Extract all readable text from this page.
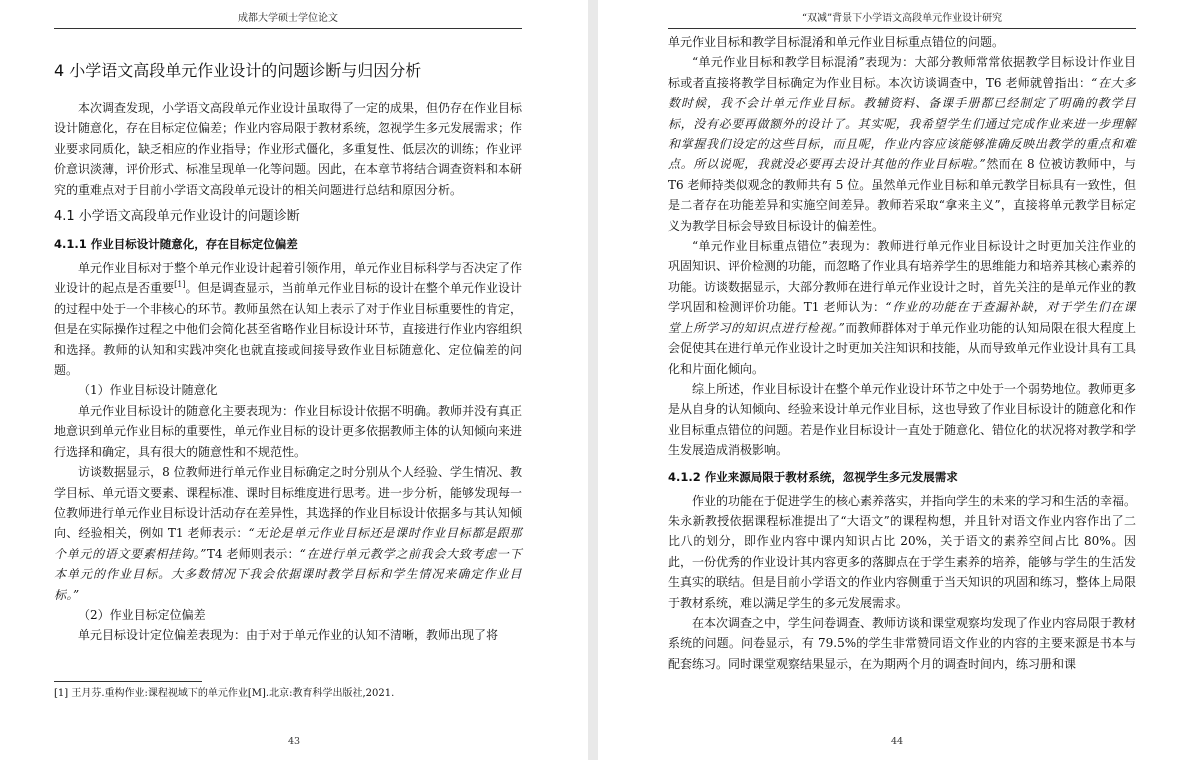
成都大学硕士学位论文
4 小学语文高段单元作业设计的问题诊断与归因分析

本次调查发现，小学语文高段单元作业设计虽取得了一定的成果，但仍存在作业目标设计随意化，存在目标定位偏差；作业内容局限于教材系统，忽视学生多元发展需求；作业要求同质化，缺乏相应的作业指导；作业形式僵化，多重复性、低层次的训练；作业评价意识淡薄，评价形式、标准呈现单一化等问题。因此，在本章节将结合调查资料和本研究的重难点对于目前小学语文高段单元设计的相关问题进行总结和原因分析。

4.1 小学语文高段单元作业设计的问题诊断
4.1.1 作业目标设计随意化，存在目标定位偏差

单元作业目标对于整个单元作业设计起着引领作用，单元作业目标科学与否决定了作业设计的起点是否重要[1]。但是调查显示，当前单元作业目标的设计在整个单元作业设计的过程中处于一个非核心的环节。教师虽然在认知上表示了对于作业目标重要性的肯定，但是在实际操作过程之中他们会简化甚至省略作业目标设计环节，直接进行作业内容组织和选择。教师的认知和实践冲突化也就直接或间接导致作业目标随意化、定位偏差的问题。

（1）作业目标设计随意化

单元作业目标设计的随意化主要表现为：作业目标设计依据不明确。教师并没有真正地意识到单元作业目标的重要性，单元作业目标的设计更多依据教师主体的认知倾向来进行选择和确定，具有很大的随意性和不规范性。

访谈数据显示，8 位教师进行单元作业目标确定之时分别从个人经验、学生情况、教学目标、单元语文要素、课程标准、课时目标维度进行思考。进一步分析，能够发现每一位教师进行单元作业目标设计活动存在差异性，其选择的作业目标设计依据多与其认知倾向、经验相关，例如 T1 老师表示：“无论是单元作业目标还是课时作业目标都是跟那个单元的语文要素相挂钩。”T4 老师则表示：“在进行单元教学之前我会大致考虑一下本单元的作业目标。大多数情况下我会依据课时教学目标和学生情况来确定作业目标。”

（2）作业目标定位偏差

单元目标设计定位偏差表现为：由于对于单元作业的认知不清晰，教师出现了将

[1] 王月芬.重构作业:课程视域下的单元作业[M].北京:教育科学出版社,2021.
43
“双减”背景下小学语文高段单元作业设计研究

单元作业目标和教学目标混淆和单元作业目标重点错位的问题。

“单元作业目标和教学目标混淆”表现为：大部分教师常常依据教学目标设计作业目标或者直接将教学目标确定为作业目标。本次访谈调查中，T6 老师就曾指出：“在大多数时候，我不会计单元作业目标。教辅资料、备课手册都已经制定了明确的教学目标，没有必要再做额外的设计了。其实呢，我希望学生们通过完成作业来进一步理解和掌握我们设定的这些目标，而且呢，作业内容应该能够准确反映出教学的重点和难点。所以说呢，我就没必要再去设计其他的作业目标啦。”然而在 8 位被访教师中，与 T6 老师持类似观念的教师共有 5 位。虽然单元作业目标和单元教学目标具有一致性，但是二者存在功能差异和实施空间差异。教师若采取“拿来主义”，直接将单元教学目标定义为教学目标会导致目标设计的偏差性。

“单元作业目标重点错位”表现为：教师进行单元作业目标设计之时更加关注作业的巩固知识、评价检测的功能，而忽略了作业具有培养学生的思维能力和培养其核心素养的功能。访谈数据显示，大部分教师在进行单元作业设计之时，首先关注的是单元作业的教学巩固和检测评价功能。T1 老师认为：“作业的功能在于查漏补缺，对于学生们在课堂上所学习的知识点进行检视。”而教师群体对于单元作业功能的认知局限在很大程度上会促使其在进行单元作业设计之时更加关注知识和技能，从而导致单元作业设计具有工具化和片面化倾向。

综上所述，作业目标设计在整个单元作业设计环节之中处于一个弱势地位。教师更多是从自身的认知倾向、经验来设计单元作业目标，这也导致了作业目标设计的随意化和作业目标重点错位的问题。若是作业目标设计一直处于随意化、错位化的状况将对教学和学生发展造成消极影响。

4.1.2 作业来源局限于教材系统，忽视学生多元发展需求

作业的功能在于促进学生的核心素养落实，并指向学生的未来的学习和生活的幸福。朱永新教授依据课程标准提出了“大语文”的课程构想，并且针对语文作业内容作出了二比八的划分，即作业内容中课内知识占比 20%，关于语文的素养空间占比 80%。因此，一份优秀的作业设计其内容更多的落脚点在于学生素养的培养，能够与学生的生活发生真实的联结。但是目前小学语文的作业内容侧重于当天知识的巩固和练习，整体上局限于教材系统，难以满足学生的多元发展需求。

在本次调查之中，学生问卷调查、教师访谈和课堂观察均发现了作业内容局限于教材系统的问题。问卷显示，有 79.5%的学生非常赞同语文作业的内容的主要来源是书本与配套练习。同时课堂观察结果显示，在为期两个月的调查时间内，练习册和课

44
